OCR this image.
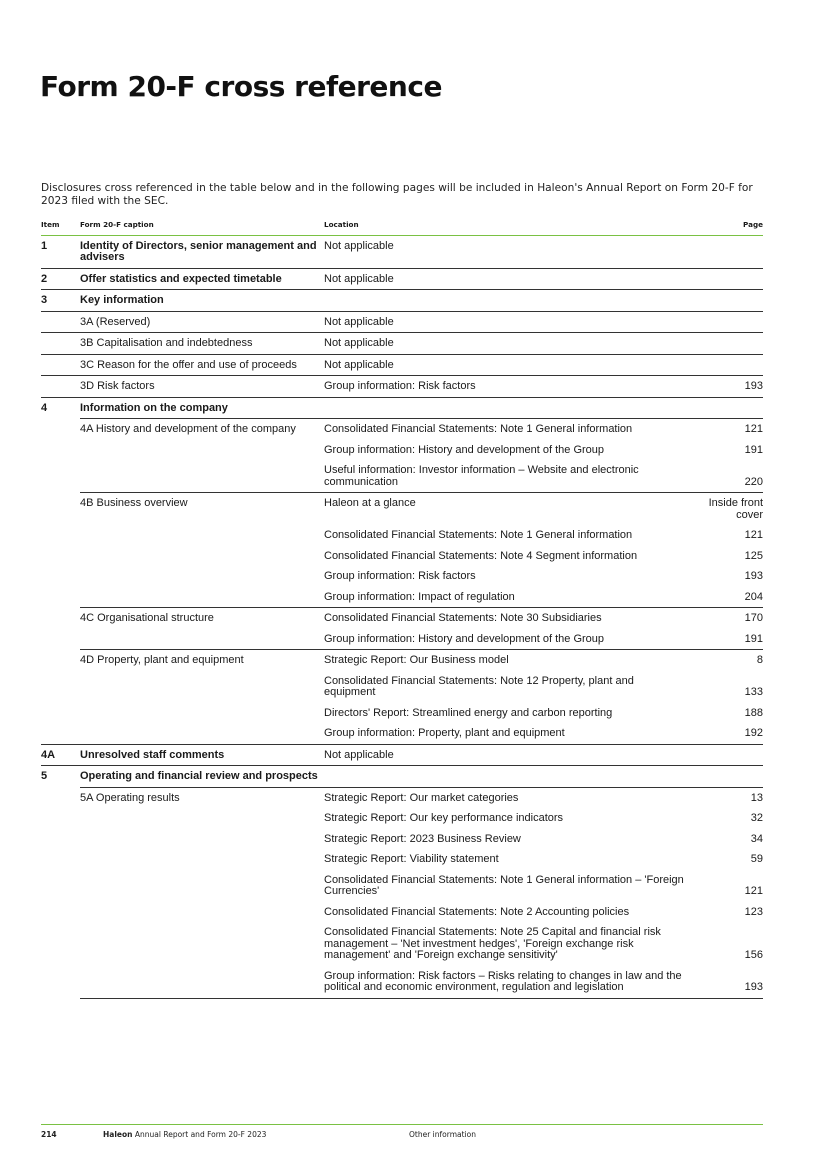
Form 20-F cross reference
Disclosures cross referenced in the table below and in the following pages will be included in Haleon's Annual Report on Form 20-F for 2023 filed with the SEC.
Item	Form 20-F caption	Location	Page
1	Identity of Directors, senior management and advisers	Not applicable	
2	Offer statistics and expected timetable	Not applicable	
3	Key information		
	3A (Reserved)	Not applicable	
	3B Capitalisation and indebtedness	Not applicable	
	3C Reason for the offer and use of proceeds	Not applicable	
	3D Risk factors	Group information: Risk factors	193
4	Information on the company		
	4A History and development of the company	Consolidated Financial Statements: Note 1 General information	121
		Group information: History and development of the Group	191
		Useful information: Investor information – Website and electronic communication	220
	4B Business overview	Haleon at a glance	Inside front cover
		Consolidated Financial Statements: Note 1 General information	121
		Consolidated Financial Statements: Note 4 Segment information	125
		Group information: Risk factors	193
		Group information: Impact of regulation	204
	4C Organisational structure	Consolidated Financial Statements: Note 30 Subsidiaries	170
		Group information: History and development of the Group	191
	4D Property, plant and equipment	Strategic Report: Our Business model	8
		Consolidated Financial Statements: Note 12 Property, plant and equipment	133
		Directors' Report: Streamlined energy and carbon reporting	188
		Group information: Property, plant and equipment	192
4A	Unresolved staff comments	Not applicable	
5	Operating and financial review and prospects		
	5A Operating results	Strategic Report: Our market categories	13
		Strategic Report: Our key performance indicators	32
		Strategic Report: 2023 Business Review	34
		Strategic Report: Viability statement	59
		Consolidated Financial Statements: Note 1 General information – 'Foreign Currencies'	121
		Consolidated Financial Statements: Note 2 Accounting policies	123
		Consolidated Financial Statements: Note 25 Capital and financial risk management – 'Net investment hedges', 'Foreign exchange risk management' and 'Foreign exchange sensitivity'	156
		Group information: Risk factors – Risks relating to changes in law and the political and economic environment, regulation and legislation	193
214	Haleon Annual Report and Form 20-F 2023	Other information
